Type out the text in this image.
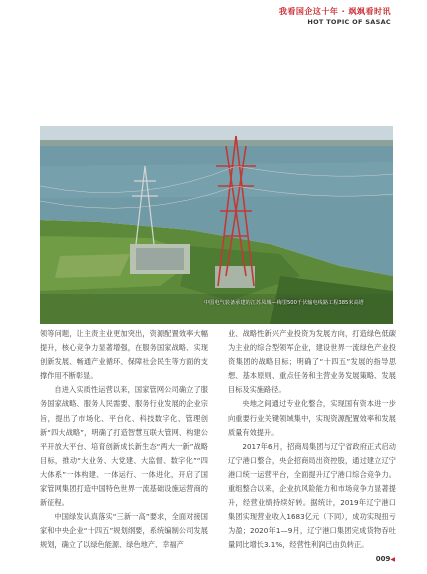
我看国企这十年 · 飒飒看时讯
HOT TOPIC OF SASAC
中国电气装备承建的江苏凤城—梅里500千伏输电线路工程385米高塔

领等问题，让主责主业更加突出，资源配置效率大幅提升，核心竞争力显著增强，在服务国家战略、实现创新发展、畅通产业循环、保障社会民生等方面的支撑作用不断彰显。

自进入实质性运营以来，国家管网公司确立了服务国家战略、服务人民需要、服务行业发展的企业宗旨，提出了市场化、平台化、科技数字化、管理创新“四大战略”，明确了打造智慧互联大管网、构建公平开放大平台、培育创新成长新生态“两大一新”战略目标，推动“大业务、大党建、大监督、数字化”“四大体系”一体构建、一体运行、一体进化，开启了国家管网集团打造中国特色世界一流基础设施运营商的新征程。

中国绿发认真落实“三新一高”要求，全面对接国家和中央企业“十四五”规划纲要，系统编制公司发展规划，确立了以绿色能源、绿色地产、幸福产

业、战略性新兴产业投资为发展方向，打造绿色低碳为主业的综合型领军企业，建设世界一流绿色产业投资集团的战略目标；明确了“十四五”发展的指导思想、基本原则、重点任务和主营业务发展策略、发展目标及实施路径。

央地之间通过专业化整合，实现国有资本进一步向重要行业关键领域集中，实现资源配置效率和发展质量有效提升。

2017年6月，招商局集团与辽宁省政府正式启动辽宁港口整合，央企招商局出资控股，通过建立辽宁港口统一运营平台，全面提升辽宁港口综合竞争力。重组整合以来，企业抗风险能力和市场竞争力显著提升，经营业绩持续好转。据统计，2019年辽宁港口集团实现营业收入1683亿元（下同），成功实现扭亏为盈；2020年1—9月，辽宁港口集团完成货物吞吐量同比增长3.1%，经营性利润已由负转正。

009◀
